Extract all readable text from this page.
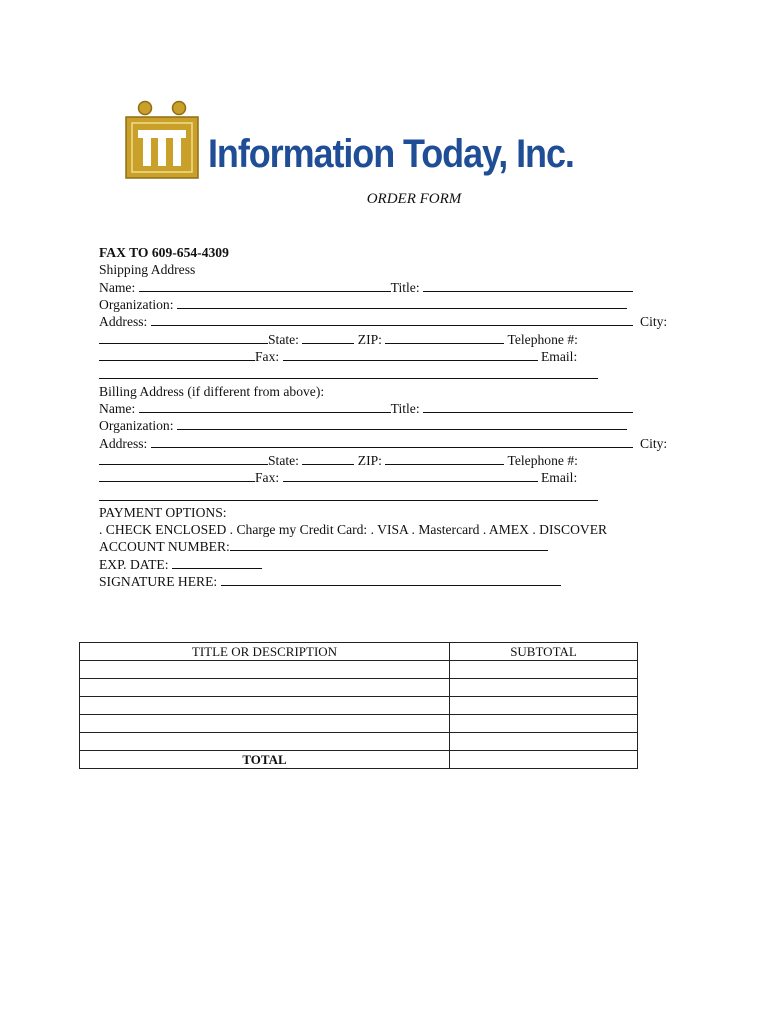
Information Today, Inc.
ORDER FORM
FAX TO 609-654-4309
Shipping Address
Name:	Title:
Organization:
Address:	City:
State:	ZIP:	Telephone #:
Fax:	Email:
Billing Address (if different from above):
Name:	Title:
Organization:
Address:	City:
State:	ZIP:	Telephone #:
Fax:	Email:
PAYMENT OPTIONS:
. CHECK ENCLOSED . Charge my Credit Card: . VISA . Mastercard . AMEX . DISCOVER
ACCOUNT NUMBER:
EXP. DATE:
SIGNATURE HERE:
TITLE OR DESCRIPTION	SUBTOTAL

TOTAL	
